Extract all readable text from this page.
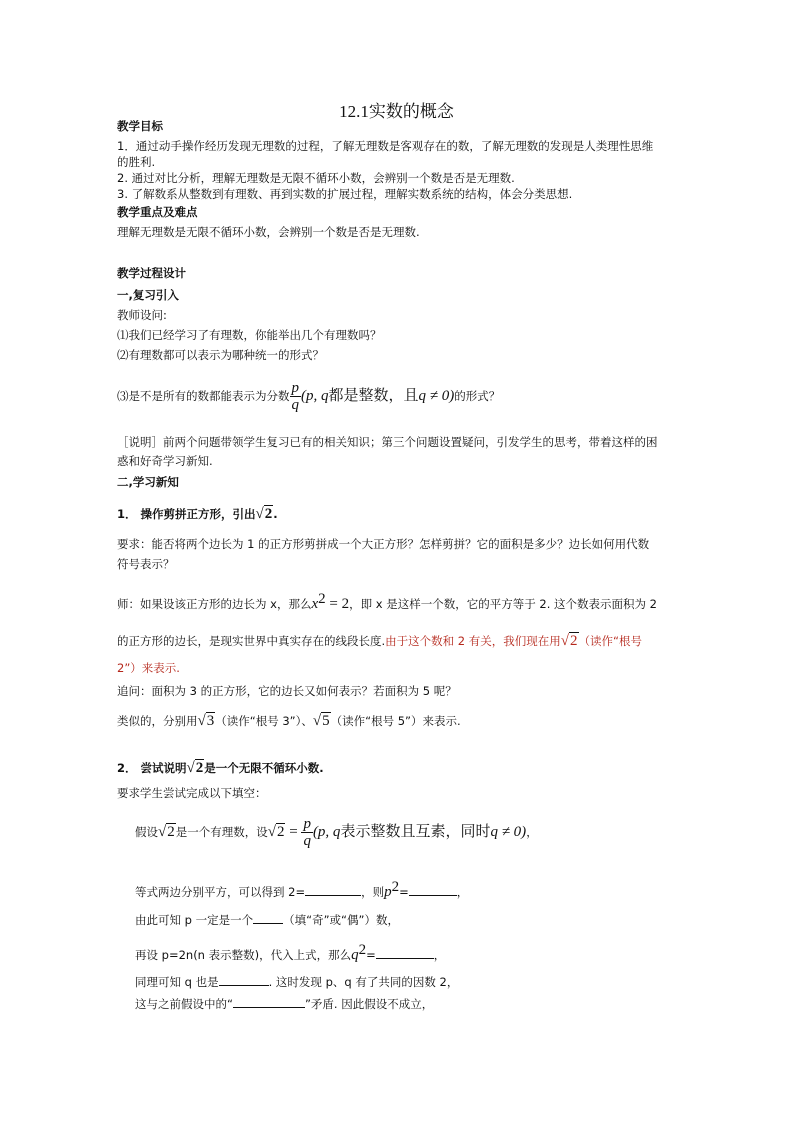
12.1实数的概念
教学目标
1．通过动手操作经历发现无理数的过程，了解无理数是客观存在的数，了解无理数的发现是人类理性思维
的胜利.
2. 通过对比分析，理解无理数是无限不循环小数，会辨别一个数是否是无理数.
3. 了解数系从整数到有理数、再到实数的扩展过程，理解实数系统的结构，体会分类思想.
教学重点及难点
理解无理数是无限不循环小数，会辨别一个数是否是无理数.
教学过程设计
一,复习引入
教师设问:
⑴我们已经学习了有理数，你能举出几个有理数吗？
⑵有理数都可以表示为哪种统一的形式？
⑶是不是所有的数都能表示为分数 $\frac{p}{q} (p$, q都是整数，且q ≠ 0)的形式？
［说明］前两个问题带领学生复习已有的相关知识；第三个问题设置疑问，引发学生的思考，带着这样的困
惑和好奇学习新知.
二,学习新知
1． 操作剪拼正方形，引出√2.
要求：能否将两个边长为 1 的正方形剪拼成一个大正方形？怎样剪拼？它的面积是多少？边长如何用代数
符号表示？
师：如果设该正方形的边长为 x，那么$x^2 = 2$，即 x 是这样一个数，它的平方等于 2. 这个数表示面积为 2
的正方形的边长，是现实世界中真实存在的线段长度.由于这个数和 2 有关，我们现在用√2（读作“根号
2”）来表示.
追问：面积为 3 的正方形，它的边长又如何表示？若面积为 5 呢？
类似的，分别用√3（读作“根号 3”）、√5（读作“根号 5”）来表示.
2． 尝试说明√2是一个无限不循环小数.
要求学生尝试完成以下填空：
假设√2是一个有理数，设$√2 = \frac{p}{q} (p$, q表示整数且互素，同时q ≠ 0)，
等式两边分别平方，可以得到 2=	，则$p^2=$	，
由此可知 p 一定是一个	（填“奇”或“偶”）数，
再设 p=2n(n 表示整数)，代入上式，那么$q^2=$	，
同理可知 q 也是	. 这时发现 p、q 有了共同的因数 2，
这与之前假设中的“	”矛盾. 因此假设不成立，
